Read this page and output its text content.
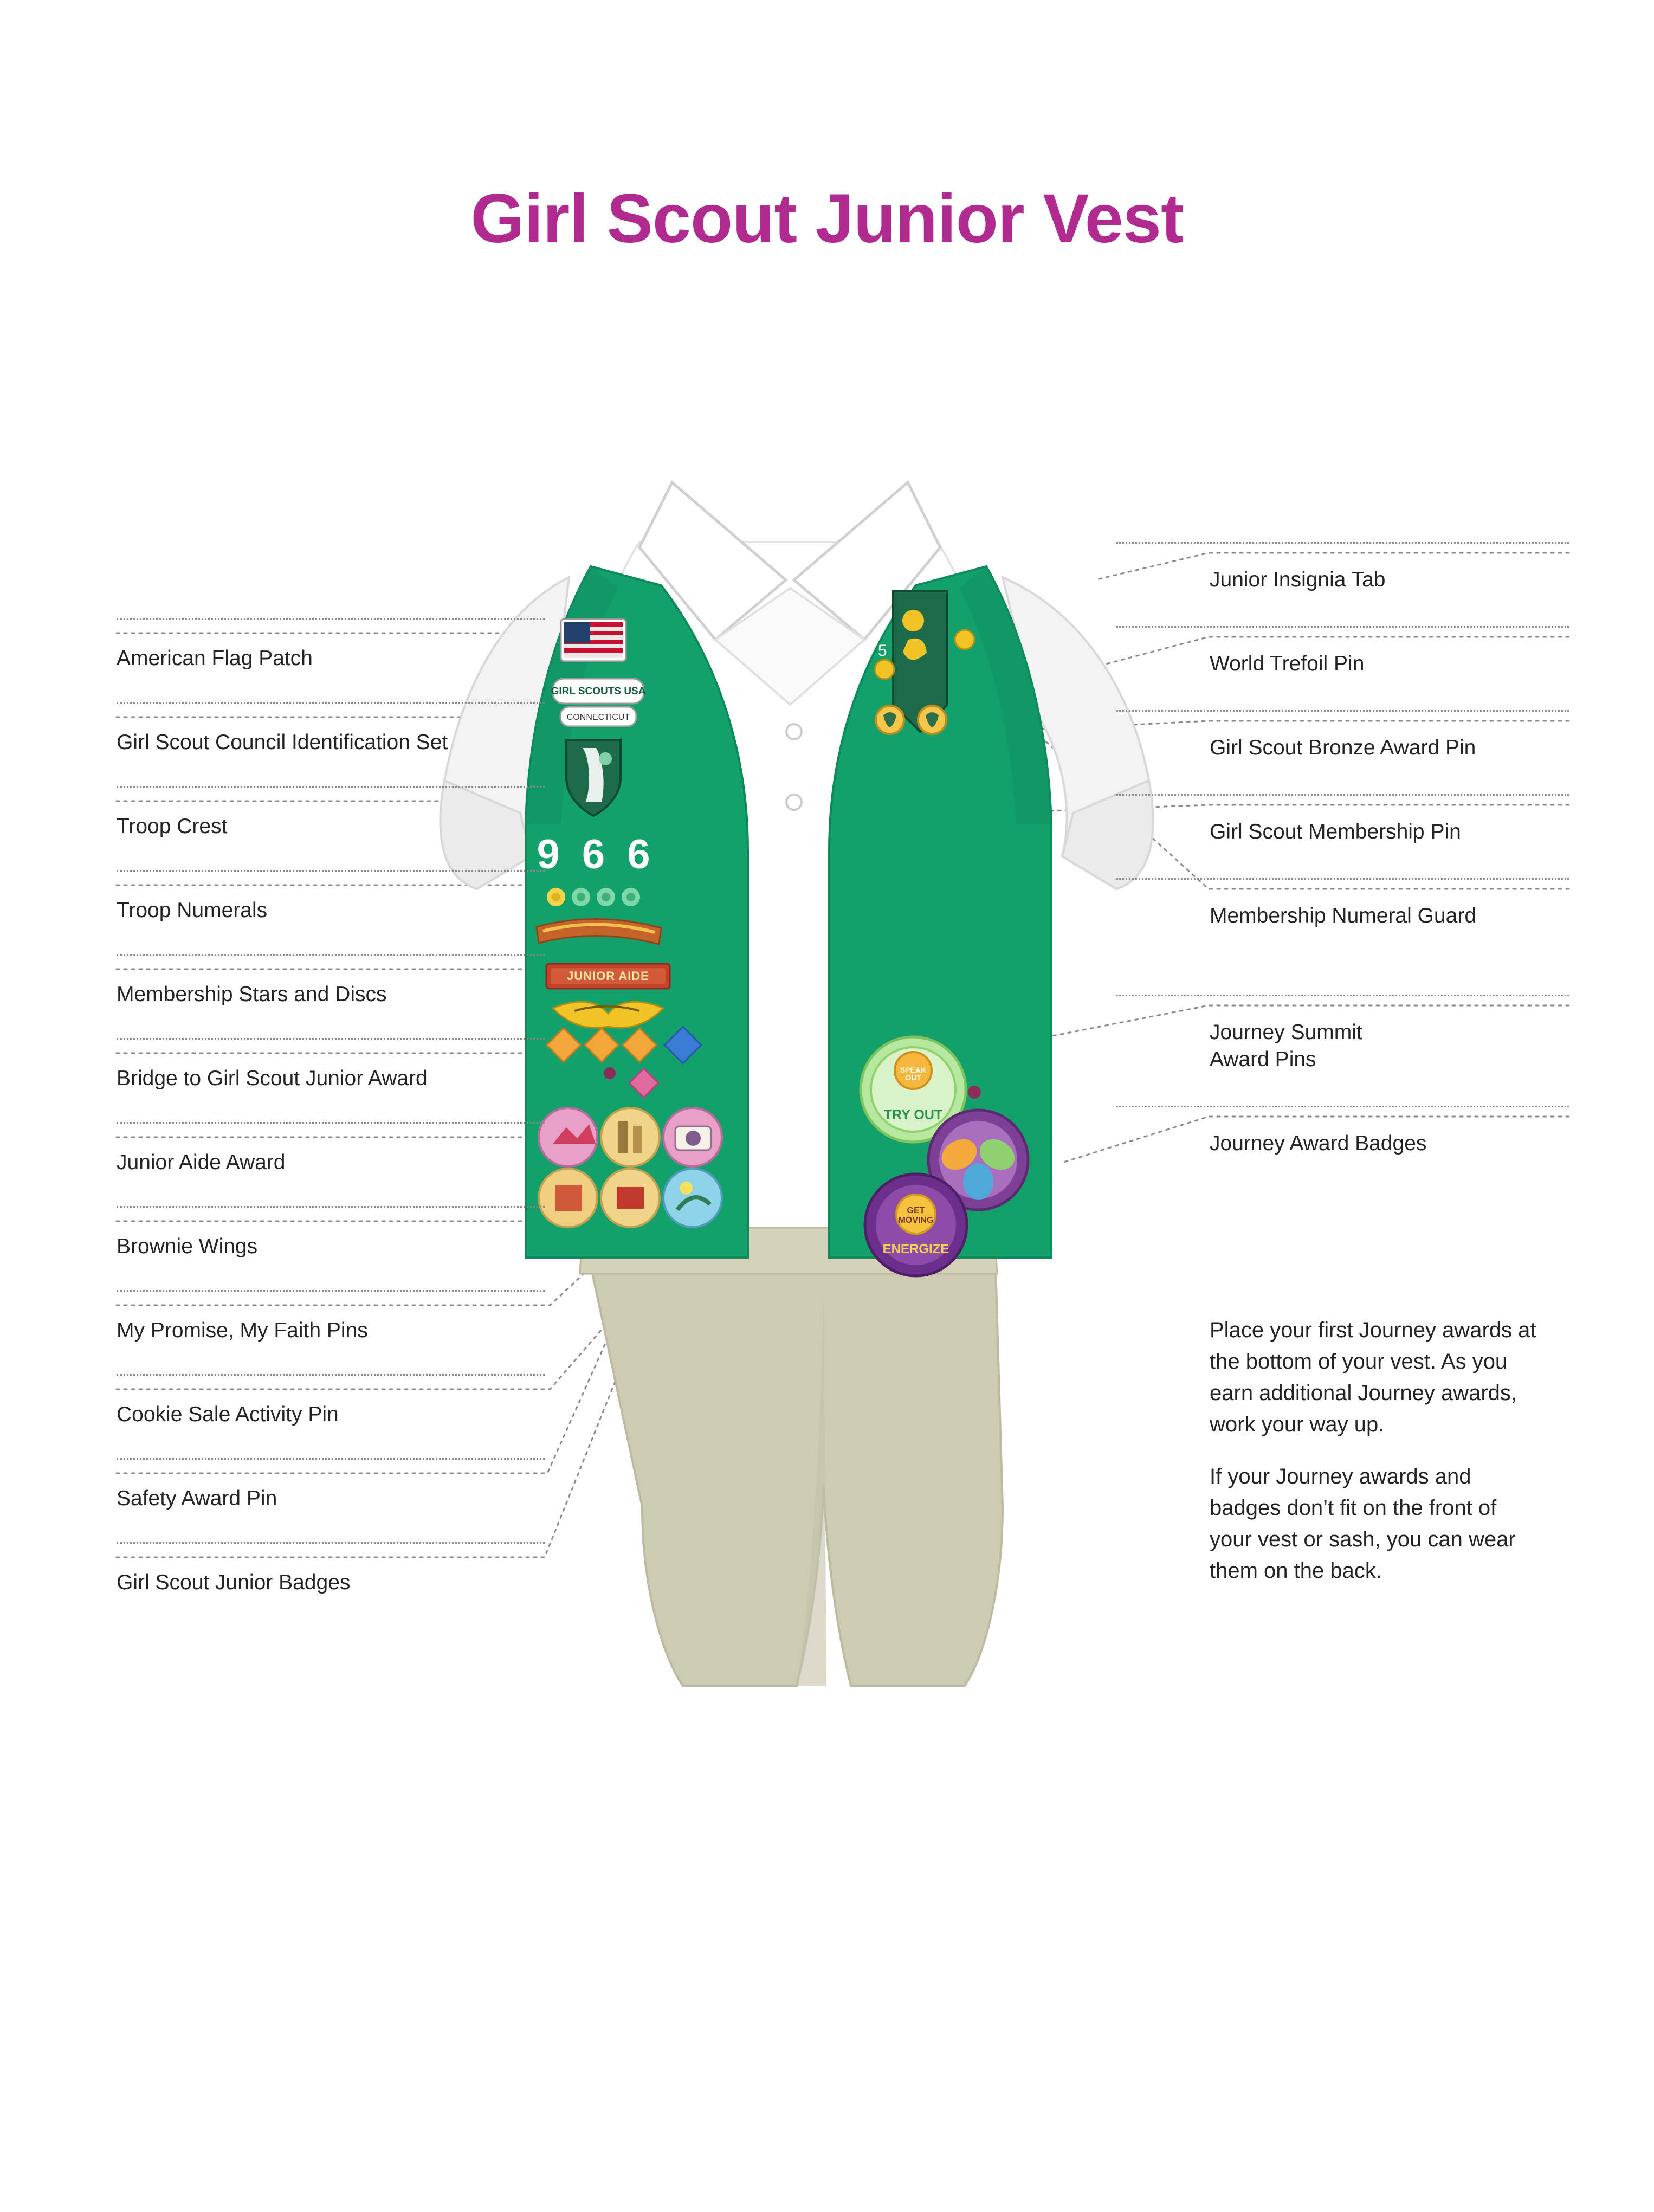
Girl Scout Junior Vest
GIRL SCOUTS USA
CONNECTICUT
9 6 6
JUNIOR AIDE
5
SPEAK
OUT
TRY OUT
GET
MOVING
ENERGIZE
American Flag Patch
Girl Scout Council Identification Set
Troop Crest
Troop Numerals
Membership Stars and Discs
Bridge to Girl Scout Junior Award
Junior Aide Award
Brownie Wings
My Promise, My Faith Pins
Cookie Sale Activity Pin
Safety Award Pin
Girl Scout Junior Badges
Junior Insignia Tab
World Trefoil Pin
Girl Scout Bronze Award Pin
Girl Scout Membership Pin
Membership Numeral Guard
Journey Summit
Award Pins
Journey Award Badges

Place your first Journey awards at the bottom of your vest. As you earn additional Journey awards, work your way up.

If your Journey awards and badges don’t fit on the front of your vest or sash, you can wear them on the back.
